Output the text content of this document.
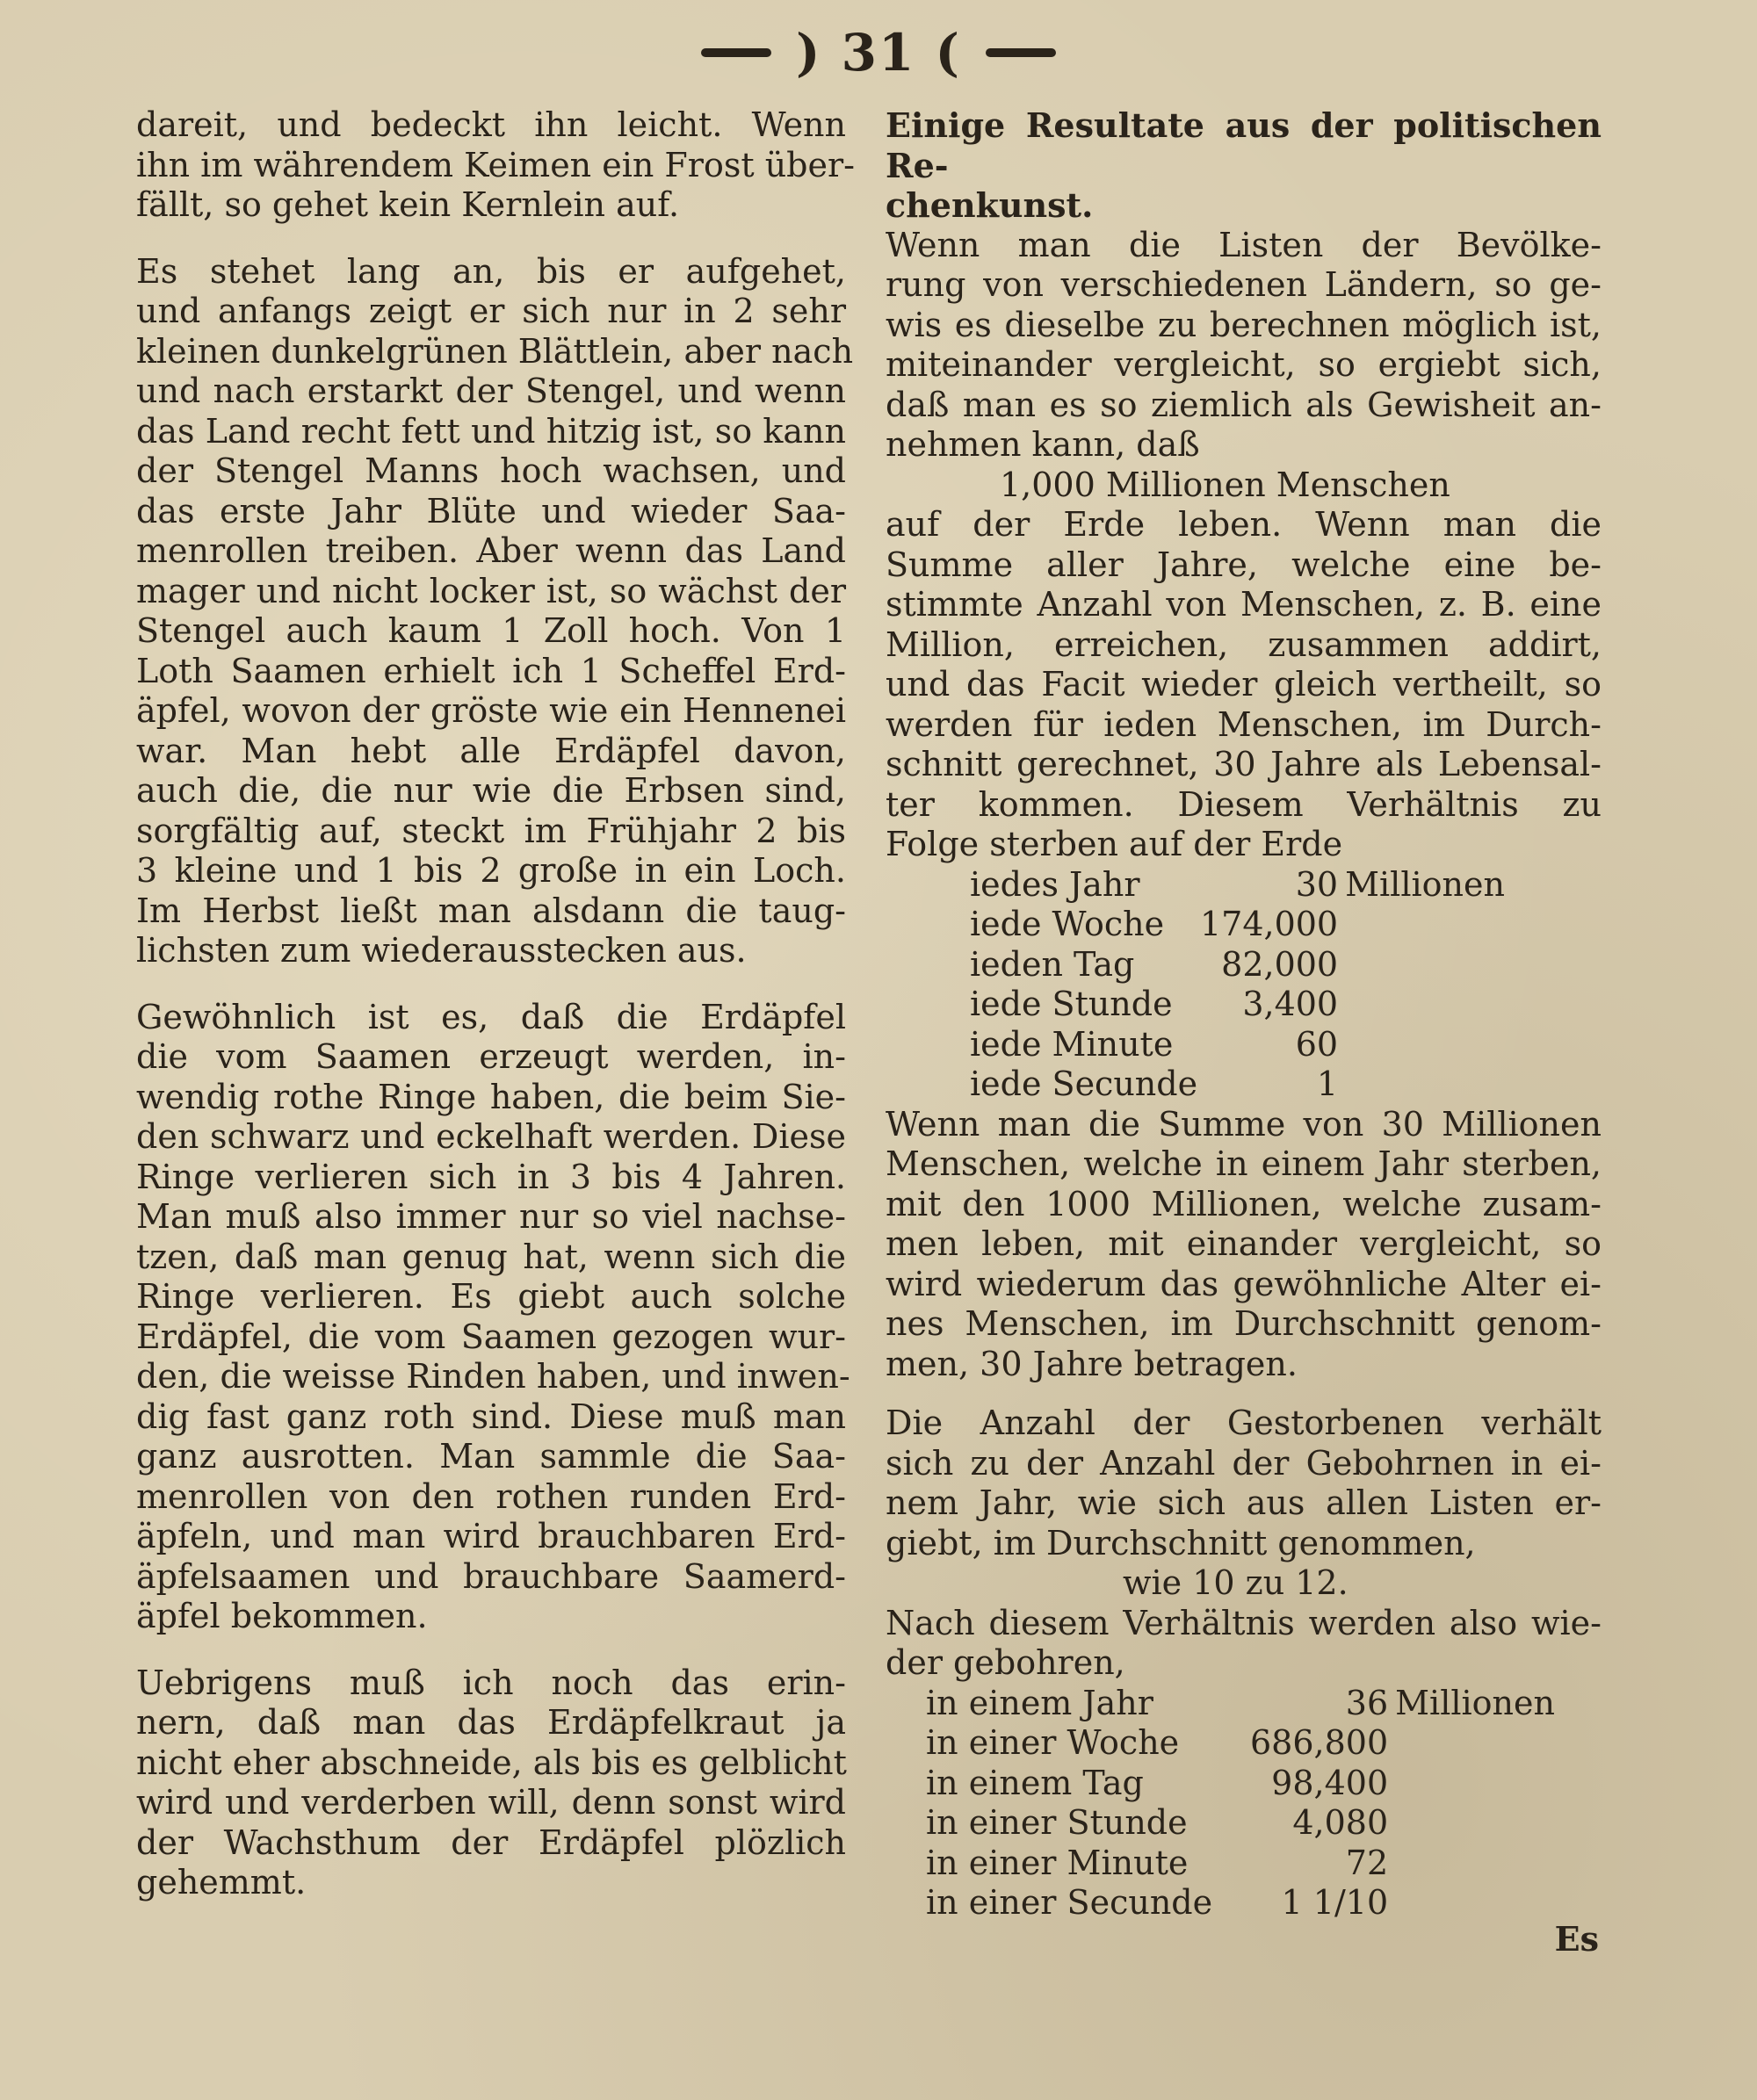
) 31 (

dareit, und bedeckt ihn leicht. Wenn
ihn im währendem Keimen ein Frost über-
fällt, so gehet kein Kernlein auf.

Es stehet lang an, bis er aufgehet,
und anfangs zeigt er sich nur in 2 sehr
kleinen dunkelgrünen Blättlein, aber nach
und nach erstarkt der Stengel, und wenn
das Land recht fett und hitzig ist, so kann
der Stengel Manns hoch wachsen, und
das erste Jahr Blüte und wieder Saa-
menrollen treiben. Aber wenn das Land
mager und nicht locker ist, so wächst der
Stengel auch kaum 1 Zoll hoch. Von 1
Loth Saamen erhielt ich 1 Scheffel Erd-
äpfel, wovon der gröste wie ein Hennenei
war. Man hebt alle Erdäpfel davon,
auch die, die nur wie die Erbsen sind,
sorgfältig auf, steckt im Frühjahr 2 bis
3 kleine und 1 bis 2 große in ein Loch.
Im Herbst ließt man alsdann die taug-
lichsten zum wiederausstecken aus.

Gewöhnlich ist es, daß die Erdäpfel
die vom Saamen erzeugt werden, in-
wendig rothe Ringe haben, die beim Sie-
den schwarz und eckelhaft werden. Diese
Ringe verlieren sich in 3 bis 4 Jahren.
Man muß also immer nur so viel nachse-
tzen, daß man genug hat, wenn sich die
Ringe verlieren. Es giebt auch solche
Erdäpfel, die vom Saamen gezogen wur-
den, die weisse Rinden haben, und inwen-
dig fast ganz roth sind. Diese muß man
ganz ausrotten. Man sammle die Saa-
menrollen von den rothen runden Erd-
äpfeln, und man wird brauchbaren Erd-
äpfelsaamen und brauchbare Saamerd-
äpfel bekommen.

Uebrigens muß ich noch das erin-
nern, daß man das Erdäpfelkraut ja
nicht eher abschneide, als bis es gelblicht
wird und verderben will, denn sonst wird
der Wachsthum der Erdäpfel plözlich
gehemmt.

Einige Resultate aus der politischen Re-

chenkunst.

Wenn man die Listen der Bevölke-
rung von verschiedenen Ländern, so ge-
wis es dieselbe zu berechnen möglich ist,
miteinander vergleicht, so ergiebt sich,
daß man es so ziemlich als Gewisheit an-
nehmen kann, daß

1,000 Millionen Menschen

auf der Erde leben. Wenn man die
Summe aller Jahre, welche eine be-
stimmte Anzahl von Menschen, z. B. eine
Million, erreichen, zusammen addirt,
und das Facit wieder gleich vertheilt, so
werden für ieden Menschen, im Durch-
schnitt gerechnet, 30 Jahre als Lebensal-
ter kommen. Diesem Verhältnis zu
Folge sterben auf der Erde

iedes Jahr	30	Millionen
iede Woche	174,000	
ieden Tag	82,000	
iede Stunde	3,400	
iede Minute	60	
iede Secunde	1	

Wenn man die Summe von 30 Millionen
Menschen, welche in einem Jahr sterben,
mit den 1000 Millionen, welche zusam-
men leben, mit einander vergleicht, so
wird wiederum das gewöhnliche Alter ei-
nes Menschen, im Durchschnitt genom-
men, 30 Jahre betragen.

Die Anzahl der Gestorbenen verhält
sich zu der Anzahl der Gebohrnen in ei-
nem Jahr, wie sich aus allen Listen er-
giebt, im Durchschnitt genommen,

wie 10 zu 12.

Nach diesem Verhältnis werden also wie-
der gebohren,

in einem Jahr	36	Millionen
in einer Woche	686,800	
in einem Tag	98,400	
in einer Stunde	4,080	
in einer Minute	72	
in einer Secunde	1 1/10	
Es
